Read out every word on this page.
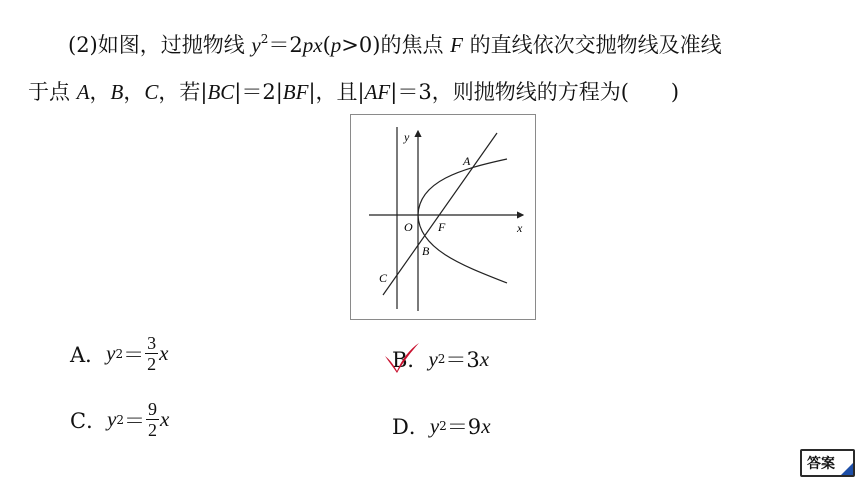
(2)如图，过抛物线 $y^2=2px(p>0)$的焦点 F 的直线依次交抛物线及准线
于点 A，B，C，若|BC|＝2|BF|，且|AF|＝3，则抛物线的方程为(　　)
y
x
O F
A
B
C
A． y $2 = \frac{3}{2}$ x	B． y 2 ＝3 x
C． y $2 = \frac{9}{2}$ x	D． y 2 ＝9 x
答案
